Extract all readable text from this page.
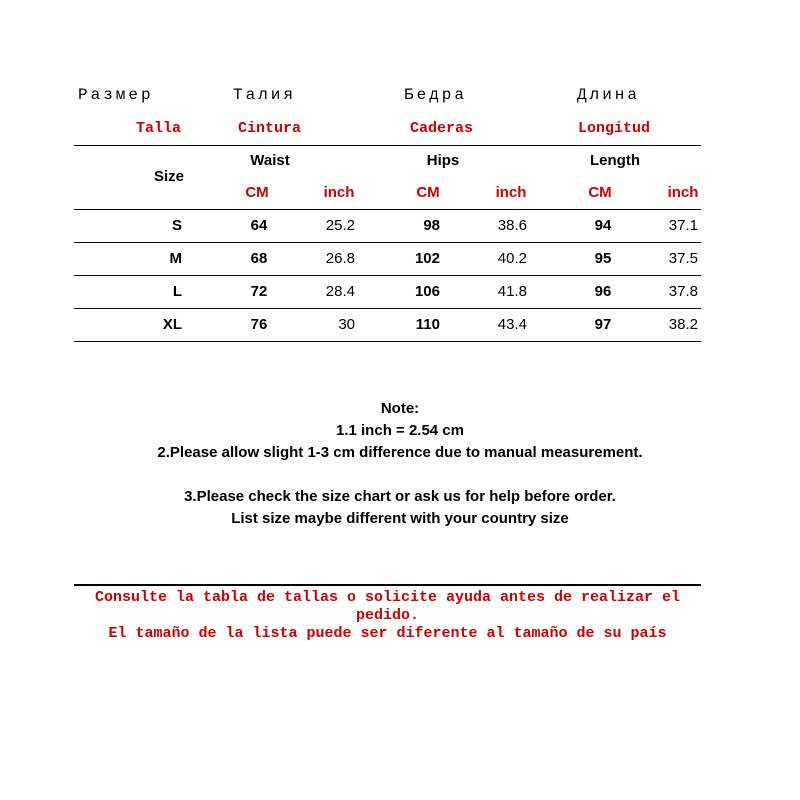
Размер	Талия	Бедра	Длина
Talla	Cintura	Caderas	Longitud
Size
Waist	Hips	Length
CM	inch	CM	inch	CM	inch
S	64	25.2	98	38.6	94	37.1
M	68	26.8	102	40.2	95	37.5
L	72	28.4	106	41.8	96	37.8
XL	76	30	110	43.4	97	38.2
Note:
1.1 inch = 2.54 cm
2.Please allow slight 1-3 cm difference due to manual measurement.
3.Please check the size chart or ask us for help before order.
List size maybe different with your country size
Consulte la tabla de tallas o solicite ayuda antes de realizar el
pedido.
El tamaño de la lista puede ser diferente al tamaño de su país
